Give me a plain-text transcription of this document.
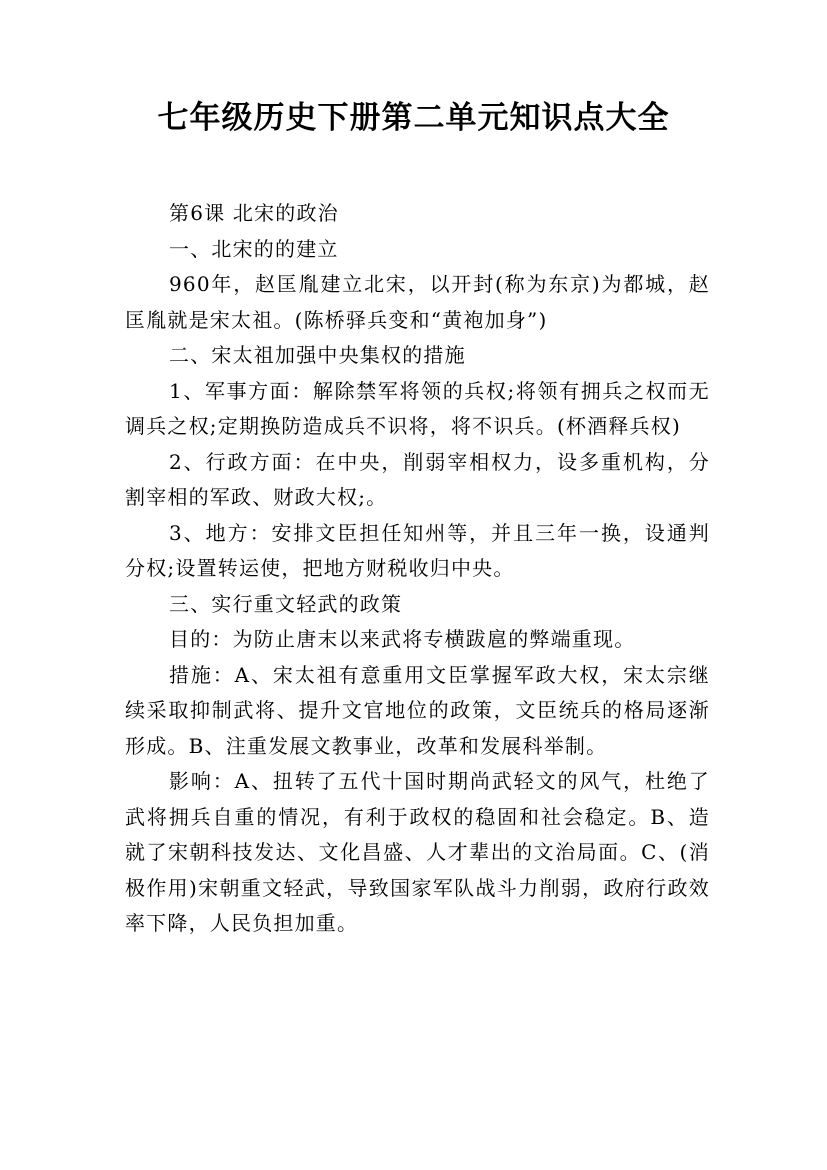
七年级历史下册第二单元知识点大全

第6课 北宋的政治

一、北宋的的建立

960年，赵匡胤建立北宋，以开封(称为东京)为都城，赵匡胤就是宋太祖。(陈桥驿兵变和“黄袍加身”)

二、宋太祖加强中央集权的措施

1、军事方面：解除禁军将领的兵权;将领有拥兵之权而无调兵之权;定期换防造成兵不识将，将不识兵。(杯酒释兵权)

2、行政方面：在中央，削弱宰相权力，设多重机构，分割宰相的军政、财政大权;。

3、地方：安排文臣担任知州等，并且三年一换，设通判分权;设置转运使，把地方财税收归中央。

三、实行重文轻武的政策

目的：为防止唐末以来武将专横跋扈的弊端重现。

措施：A、宋太祖有意重用文臣掌握军政大权，宋太宗继续采取抑制武将、提升文官地位的政策，文臣统兵的格局逐渐形成。B、注重发展文教事业，改革和发展科举制。

影响：A、扭转了五代十国时期尚武轻文的风气，杜绝了武将拥兵自重的情况，有利于政权的稳固和社会稳定。B、造就了宋朝科技发达、文化昌盛、人才辈出的文治局面。C、(消极作用)宋朝重文轻武，导致国家军队战斗力削弱，政府行政效率下降，人民负担加重。
